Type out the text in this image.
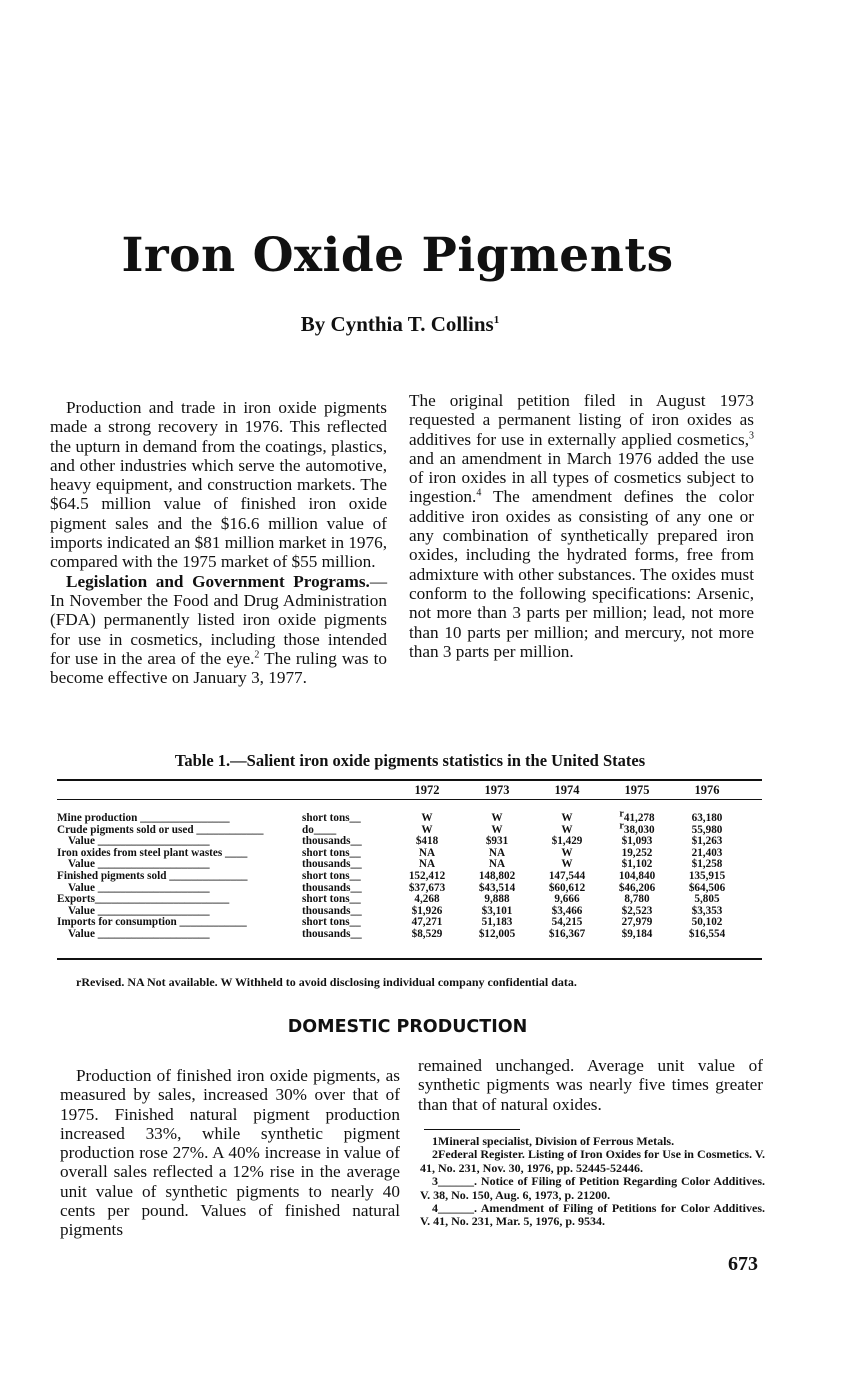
Iron Oxide Pigments
By Cynthia T. Collins$^1$

Production and trade in iron oxide pigments made a strong recovery in 1976. This reflected the upturn in demand from the coatings, plastics, and other industries which serve the automotive, heavy equipment, and construction markets. The $64.5 million value of finished iron oxide pigment sales and the $16.6 million value of imports indicated an $81 million market in 1976, compared with the 1975 market of $55 million.

Legislation and Government Programs.—In November the Food and Drug Administration (FDA) permanently listed iron oxide pigments for use in cosmetics, including those intended for use in the area of the eye.$^2$ The ruling was to become effective on January 3, 1977.

The original petition filed in August 1973 requested a permanent listing of iron oxides as additives for use in externally applied cosmetics,$^3$ and an amendment in March 1976 added the use of iron oxides in all types of cosmetics subject to ingestion.$^4$ The amendment defines the color additive iron oxides as consisting of any one or any combination of synthetically prepared iron oxides, including the hydrated forms, free from admixture with other substances. The oxides must conform to the following specifications: Arsenic, not more than 3 parts per million; lead, not more than 10 parts per million; and mercury, not more than 3 parts per million.

Table 1.—Salient iron oxide pigments statistics in the United States
1972	1973	1974	1975	1976
Mine production ________________	short tons__	W	W	W	$^r$41,278	63,180
Crude pigments sold or used ____________	do____	W	W	W	$^r$38,030	55,980
Value ____________________	thousands__	$418	$931	$1,429	$1,093	$1,263
Iron oxides from steel plant wastes ____	short tons__	NA	NA	W	19,252	21,403
Value ____________________	thousands__	NA	NA	W	$1,102	$1,258
Finished pigments sold ______________	short tons__	152,412	148,802	147,544	104,840	135,915
Value ____________________	thousands__	$37,673	$43,514	$60,612	$46,206	$64,506
Exports________________________	short tons__	4,268	9,888	9,666	8,780	5,805
Value ____________________	thousands__	$1,926	$3,101	$3,466	$2,523	$3,353
Imports for consumption ____________	short tons__	47,271	51,183	54,215	27,979	50,102
Value ____________________	thousands__	$8,529	$12,005	$16,367	$9,184	$16,554
rRevised. NA Not available. W Withheld to avoid disclosing individual company confidential data.
DOMESTIC PRODUCTION

Production of finished iron oxide pigments, as measured by sales, increased 30% over that of 1975. Finished natural pigment production increased 33%, while synthetic pigment production rose 27%. A 40% increase in value of overall sales reflected a 12% rise in the average unit value of synthetic pigments to nearly 40 cents per pound. Values of finished natural pigments

remained unchanged. Average unit value of synthetic pigments was nearly five times greater than that of natural oxides.

1Mineral specialist, Division of Ferrous Metals.

2Federal Register. Listing of Iron Oxides for Use in Cosmetics. V. 41, No. 231, Nov. 30, 1976, pp. 52445-52446.

3______. Notice of Filing of Petition Regarding Color Additives. V. 38, No. 150, Aug. 6, 1973, p. 21200.

4______. Amendment of Filing of Petitions for Color Additives. V. 41, No. 231, Mar. 5, 1976, p. 9534.

673
